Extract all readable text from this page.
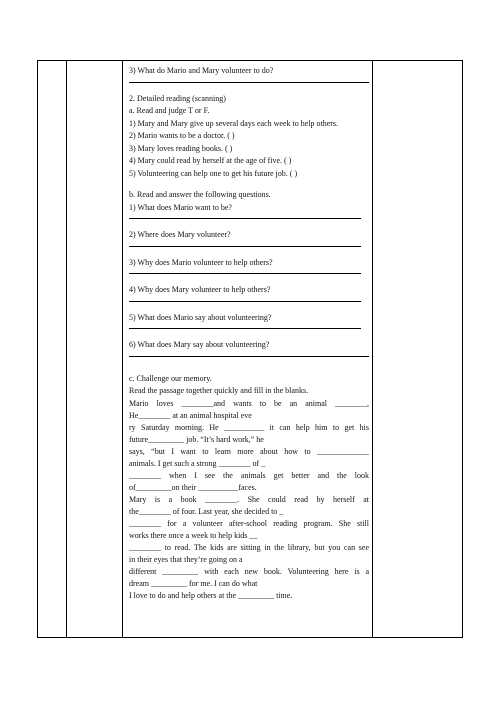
3) What do Mario and Mary volunteer to do?
2. Detailed reading (scanning)
a. Read and judge T or F.
1) Mary and Mary give up several days each week to help others.
2) Mario wants to be a doctor. ( )
3) Mary loves reading books. ( )
4) Mary could read by herself at the age of five. ( )
5) Volunteering can help one to get his future job. ( )
b. Read and answer the following questions.
1) What does Mario want to be?
2) Where does Mary volunteer?
3) Why does Mario volunteer to help others?
4) Why does Mary volunteer to help others?
5) What does Mario say about volunteering?
6) What does Mary say about volunteering?
c. Challenge our memory.
Read the passage together quickly and fill in the blanks.
Mario loves ________and wants to be an animal ________,
He________ at an animal hospital eve
ry Saturday morning. He __________ it can help him to get his
future_________ job. “It’s hard work,” he
says, “but I want to learn more about how to _____________
animals. I get such a strong ________ of _
________ when I see the animals get better and the look
of_________on their __________faces.
Mary is a book ________. She could read by herself at
the________ of four. Last year, she decided to _
________ for a volunteer after-school reading program. She still
works there once a week to help kids __
________ to read. The kids are sitting in the library, but you can see
in their eyes that they’re going on a
different _________ with each new book. Volunteering here is a
dream _________ for me. I can do what
I love to do and help others at the _________ time.
